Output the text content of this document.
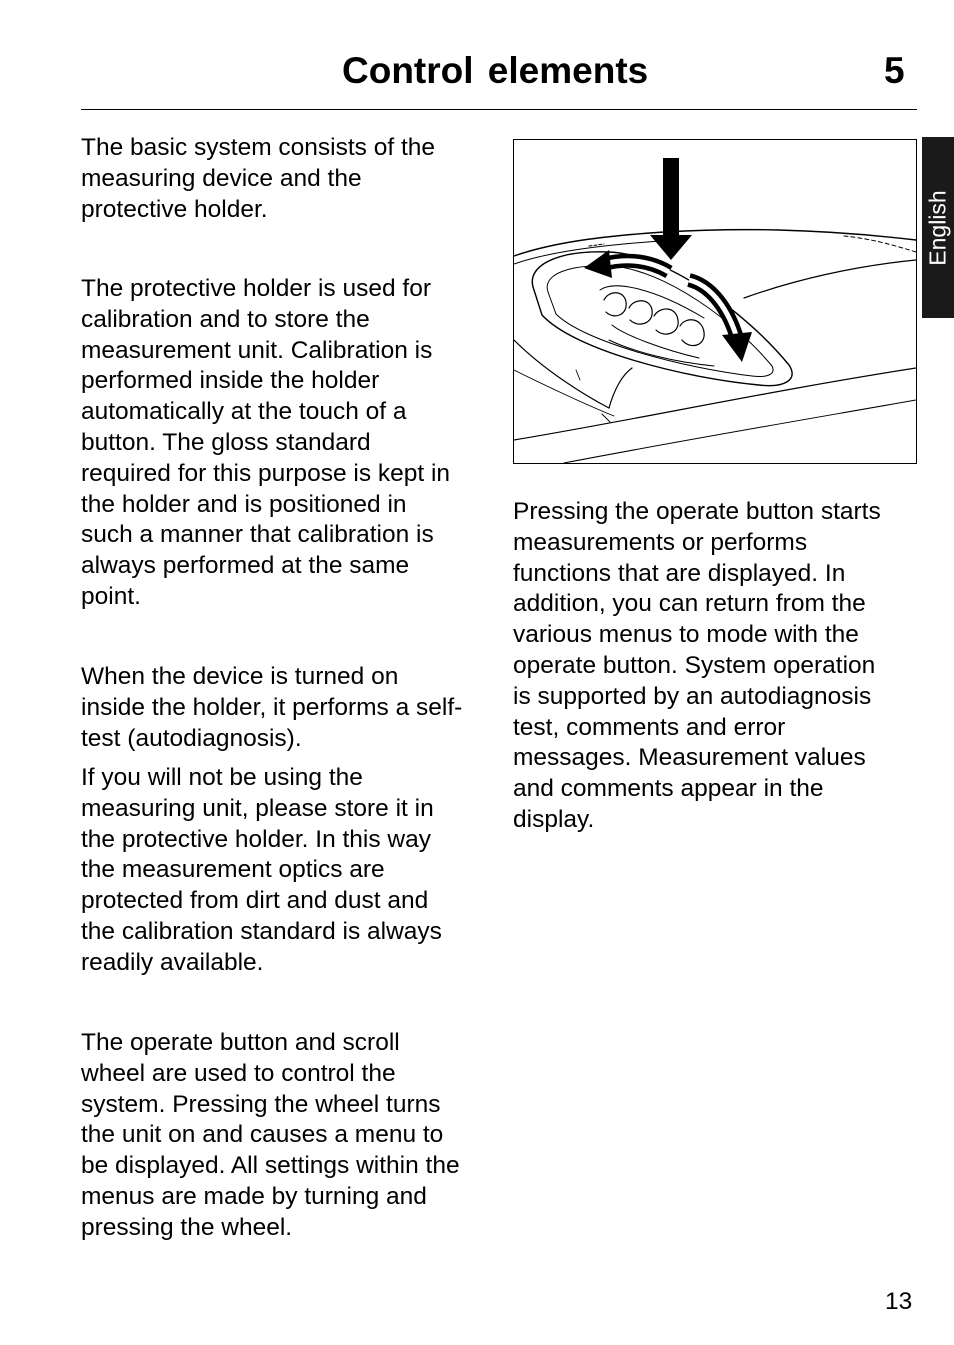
Control elements	5
English

The basic system consists of the
measuring device and the
protective holder.

The protective holder is used for
calibration and to store the
measurement unit. Calibration is
performed inside the holder
automatically at the touch of a
button. The gloss standard
required for this purpose is kept in
the holder and is positioned in
such a manner that calibration is
always performed at the same
point.

When the device is turned on
inside the holder, it performs a self-
test (autodiagnosis).

If you will not be using the
measuring unit, please store it in
the protective holder. In this way
the measurement optics are
protected from dirt and dust and
the calibration standard is always
readily available.

The operate button and scroll
wheel are used to control the
system. Pressing the wheel turns
the unit on and causes a menu to
be displayed. All settings within the
menus are made by turning and
pressing the wheel.

Pressing the operate button starts
measurements or performs
functions that are displayed. In
addition, you can return from the
various menus to mode with the
operate button. System operation
is supported by an autodiagnosis
test, comments and error
messages. Measurement values
and comments appear in the
display.

13
